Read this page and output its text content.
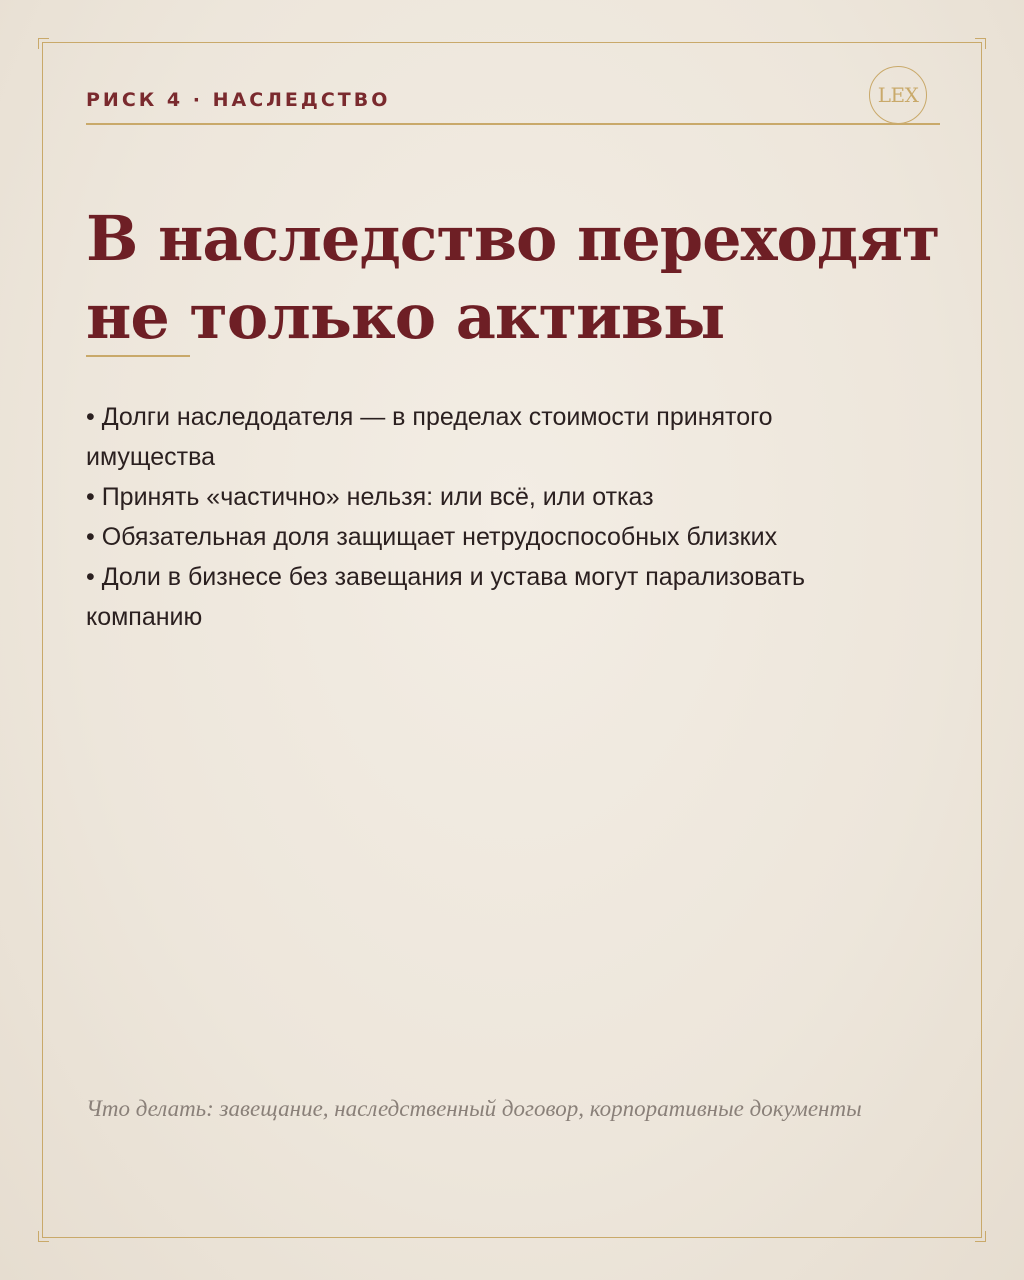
РИСК 4 · НАСЛЕДСТВО	LEX
В наследство переходят
не только активы
• Долги наследодателя — в пределах стоимости принятого имущества
• Принять «частично» нельзя: или всё, или отказ
• Обязательная доля защищает нетрудоспособных близких
• Доли в бизнесе без завещания и устава могут парализовать компанию

Что делать: завещание, наследственный договор, корпоративные документы
